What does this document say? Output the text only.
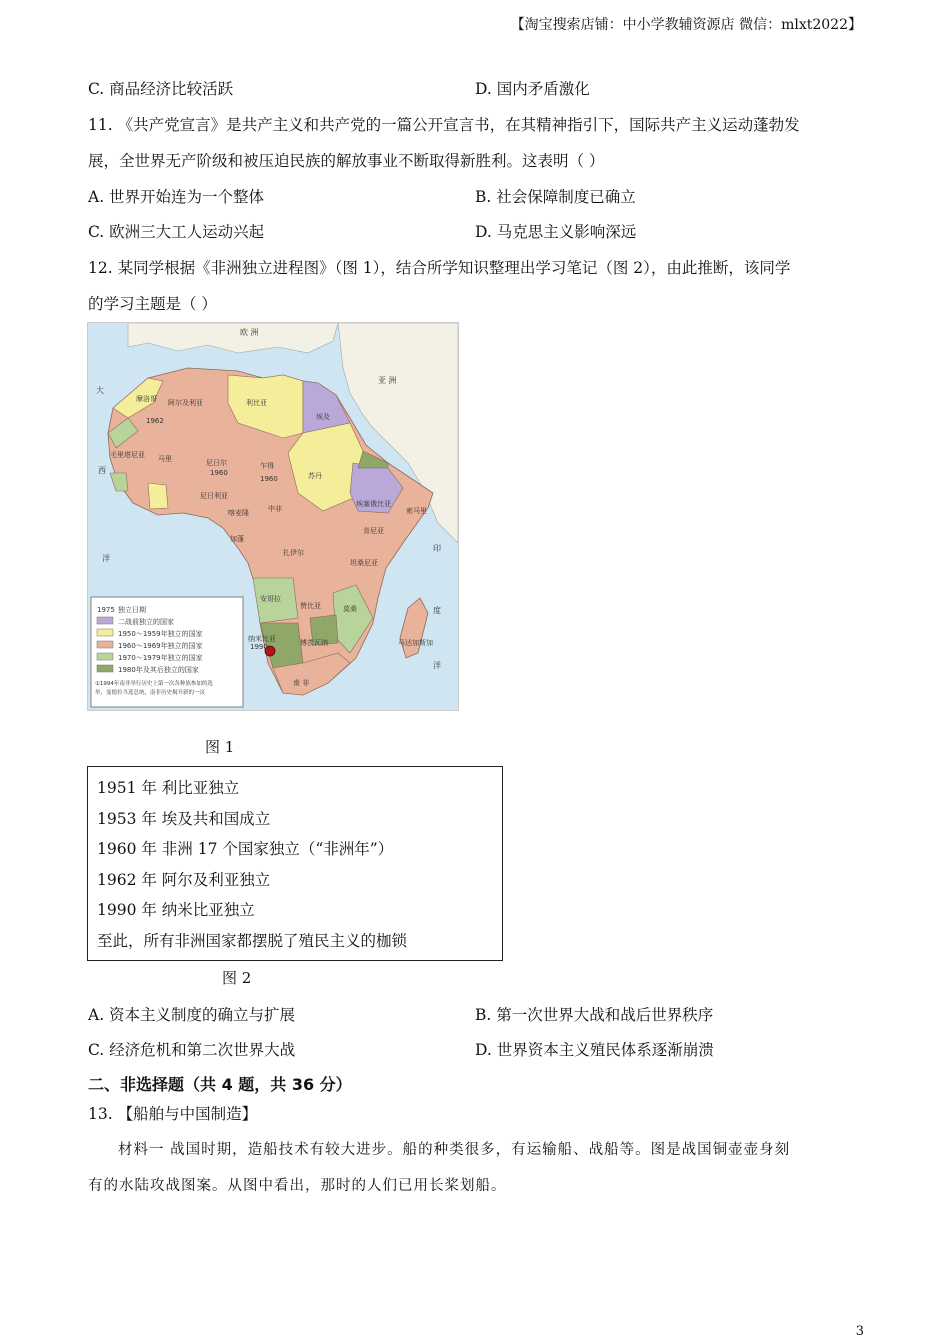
【淘宝搜索店铺：中小学教辅资源店 微信：mlxt2022】
C. 商品经济比较活跃	D. 国内矛盾激化
11. 《共产党宣言》是共产主义和共产党的一篇公开宣言书，在其精神指引下，国际共产主义运动蓬勃发
展，全世界无产阶级和被压迫民族的解放事业不断取得新胜利。这表明（ ）
A. 世界开始连为一个整体	B. 社会保障制度已确立
C. 欧洲三大工人运动兴起	D. 马克思主义影响深远
12. 某同学根据《非洲独立进程图》（图 1），结合所学知识整理出学习笔记（图 2），由此推断，该同学
的学习主题是（ ）
欧 洲
亚 洲
大
西
洋
印
度
洋
摩洛哥 阿尔及利亚	利比亚
埃及
毛里塔尼亚 马里	尼日尔
1960
乍得
苏丹
尼日利亚
埃塞俄比亚
索马里
喀麦隆	中非
加蓬
扎伊尔
肯尼亚
坦桑尼亚
安哥拉
赞比亚	莫桑
纳米比亚
1990	博茨瓦纳
南 非
马达加斯加
1962
1960
1975 独立日期
二战前独立的国家
1950～1959年独立的国家
1960～1969年独立的国家
1970～1979年独立的国家
1980年及其后独立的国家
①1994年南非举行历史上第一次各种族参加的选
举，曼德拉当选总统，南非历史揭开新的一页
图 1
1951 年 利比亚独立
1953 年 埃及共和国成立
1960 年 非洲 17 个国家独立（“非洲年”）
1962 年 阿尔及利亚独立
1990 年 纳米比亚独立
至此，所有非洲国家都摆脱了殖民主义的枷锁
图 2
A. 资本主义制度的确立与扩展	B. 第一次世界大战和战后世界秩序
C. 经济危机和第二次世界大战	D. 世界资本主义殖民体系逐渐崩溃
二、非选择题（共 4 题，共 36 分）
13. 【船舶与中国制造】
材料一 战国时期，造船技术有较大进步。船的种类很多，有运输船、战船等。图是战国铜壶壶身刻
有的水陆攻战图案。从图中看出，那时的人们已用长桨划船。
3
